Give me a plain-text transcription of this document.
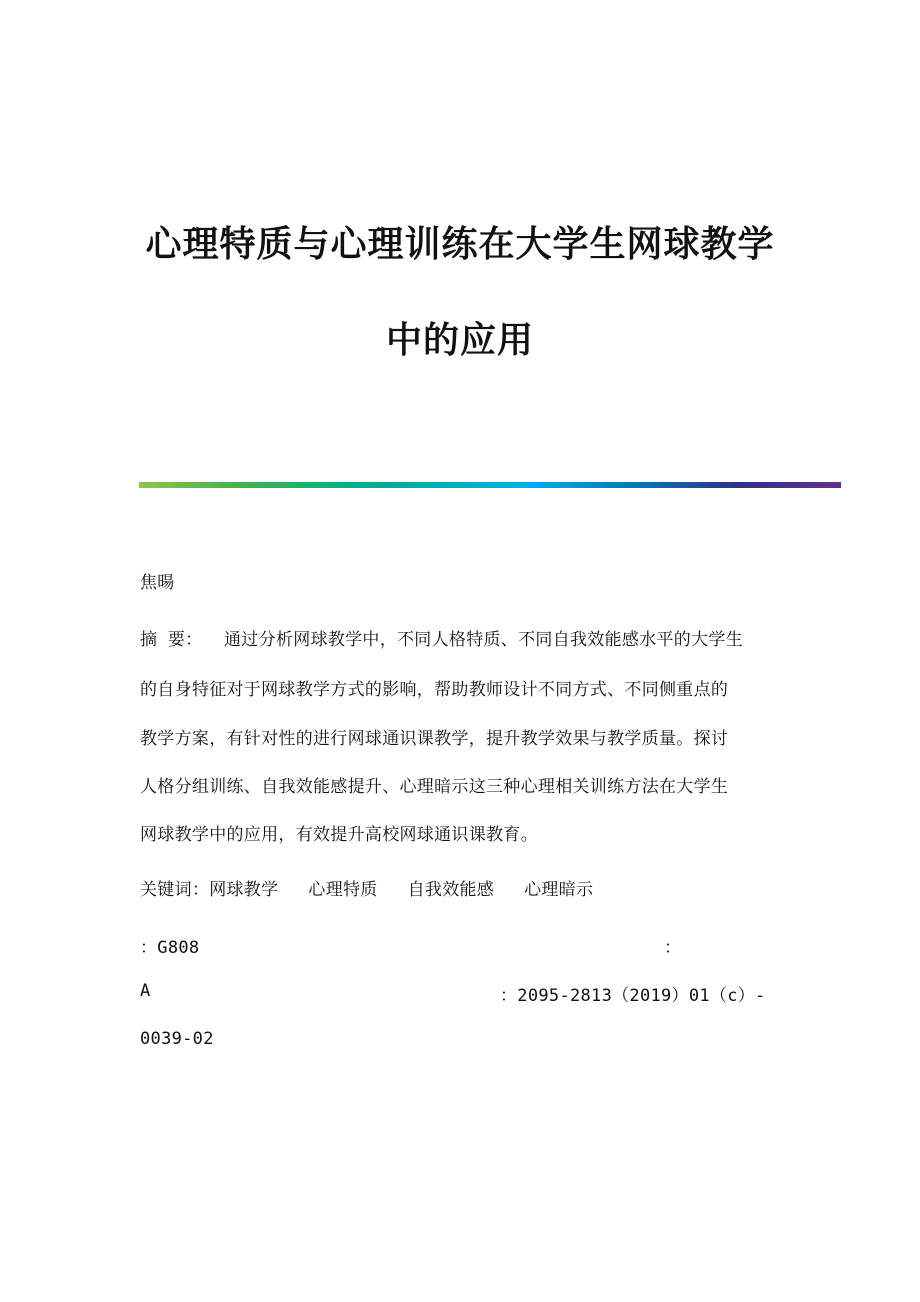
心理特质与心理训练在大学生网球教学
中的应用
焦暘
摘 要： 通过分析网球教学中，不同人格特质、不同自我效能感水平的大学生
的自身特征对于网球教学方式的影响，帮助教师设计不同方式、不同侧重点的
教学方案，有针对性的进行网球通识课教学，提升教学效果与教学质量。探讨
人格分组训练、自我效能感提升、心理暗示这三种心理相关训练方法在大学生
网球教学中的应用，有效提升高校网球通识课教育。
关键词：网球教学 心理特质 自我效能感 心理暗示
：G808	：
A	：2095-2813（2019）01（c）-
0039-02
